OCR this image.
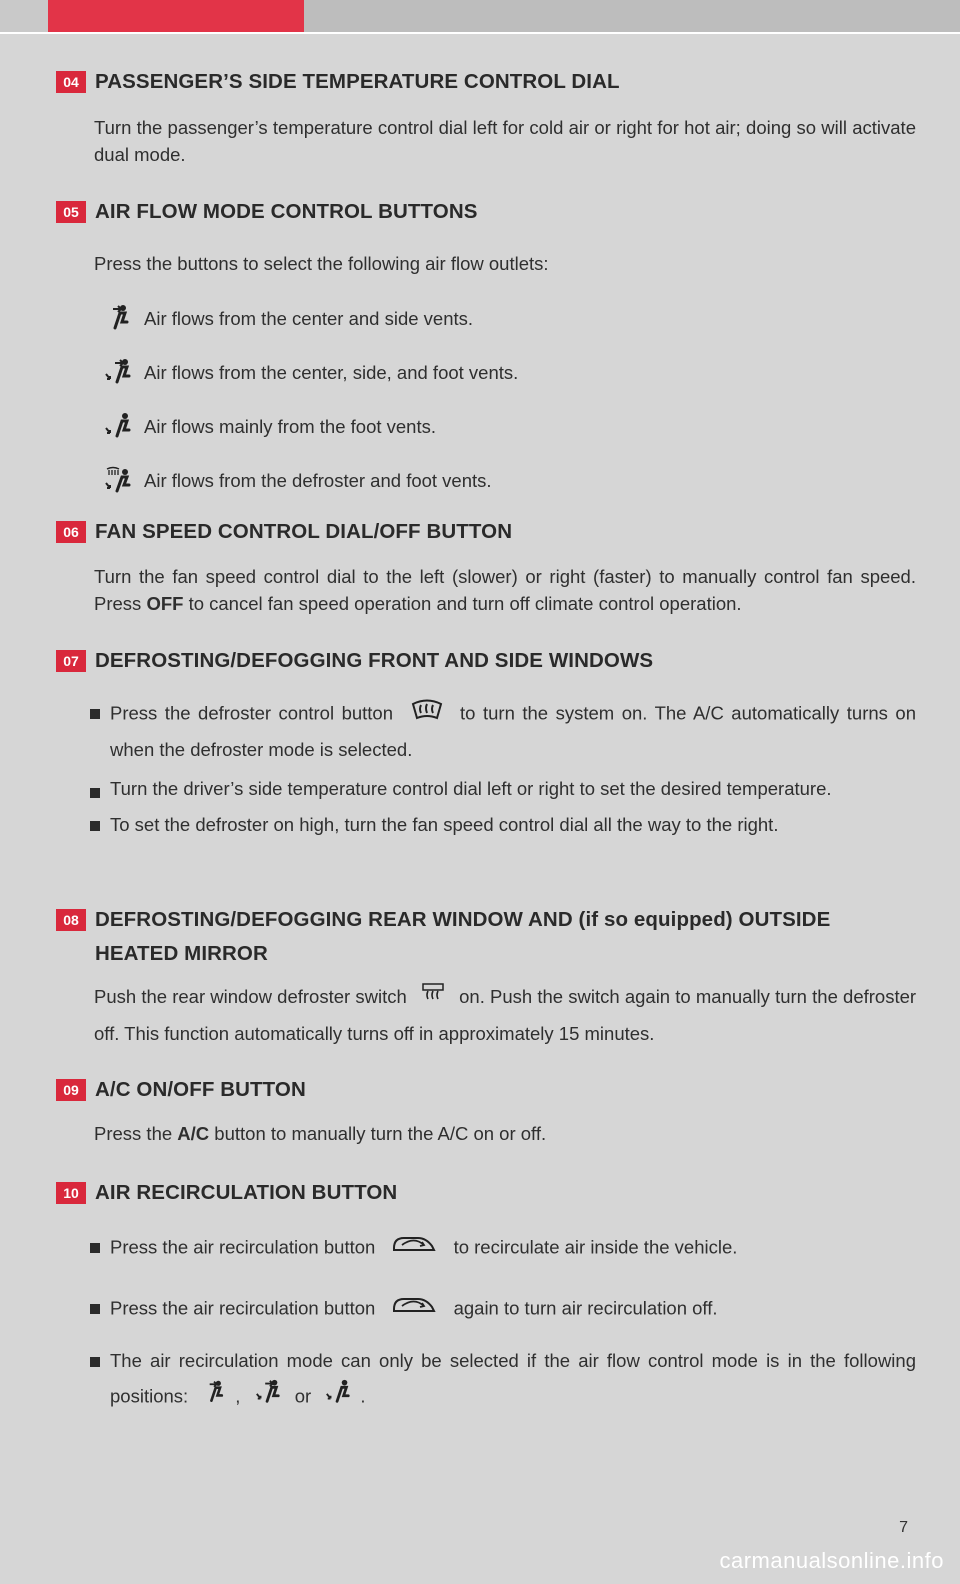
04 PASSENGER’S SIDE TEMPERATURE CONTROL DIAL

Turn the passenger’s temperature control dial left for cold air or right for hot air; doing so will activate dual mode.

05 AIR FLOW MODE CONTROL BUTTONS

Press the buttons to select the following air flow outlets:

Air flows from the center and side vents.
Air flows from the center, side, and foot vents.
Air flows mainly from the foot vents.
Air flows from the defroster and foot vents.
06 FAN SPEED CONTROL DIAL/OFF BUTTON

Turn the fan speed control dial to the left (slower) or right (faster) to manually control fan speed. Press OFF to cancel fan speed operation and turn off climate control operation.

07 DEFROSTING/DEFOGGING FRONT AND SIDE WINDOWS
Press the defroster control button	to turn the system on. The A/C automatically turns on when the defroster mode is selected.
Turn the driver’s side temperature control dial left or right to set the desired temperature.
To set the defroster on high, turn the fan speed control dial all the way to the right.
08 DEFROSTING/DEFOGGING REAR WINDOW AND (if so equipped) OUTSIDE
HEATED MIRROR

Push the rear window defroster switch	on. Push the switch again to manually turn the defroster off. This function automatically turns off in approximately 15 minutes.

09 A/C ON/OFF BUTTON

Press the A/C button to manually turn the A/C on or off.

10 AIR RECIRCULATION BUTTON
Press the air recirculation button	to recirculate air inside the vehicle.
Press the air recirculation button	again to turn air recirculation off.
The air recirculation mode can only be selected if the air flow control mode is in the following positions:	,	or	.
7
carmanualsonline.info
